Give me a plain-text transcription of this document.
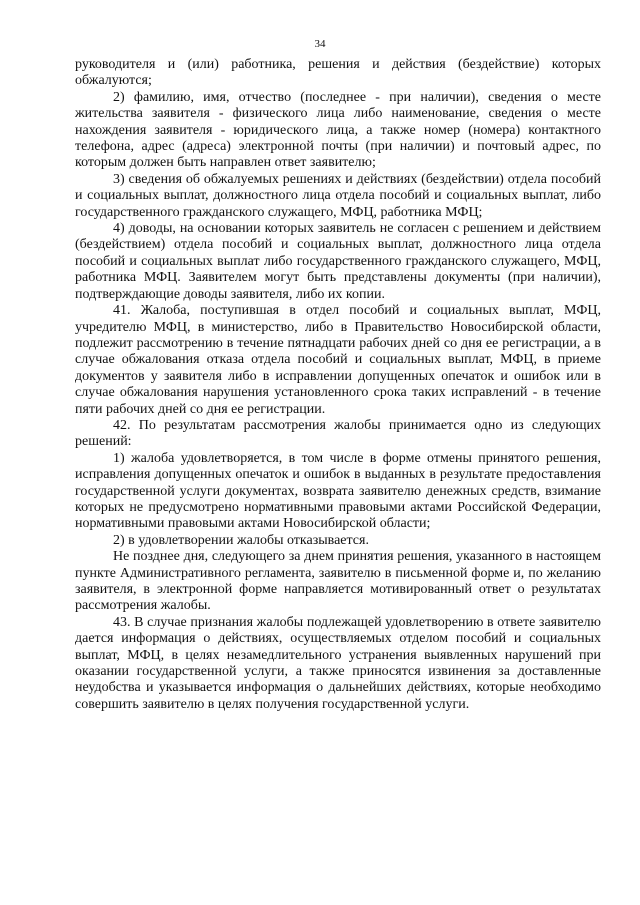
34

руководителя и (или) работника, решения и действия (бездействие) которых обжалуются;

2) фамилию, имя, отчество (последнее - при наличии), сведения о месте жительства заявителя - физического лица либо наименование, сведения о месте нахождения заявителя - юридического лица, а также номер (номера) контактного телефона, адрес (адреса) электронной почты (при наличии) и почтовый адрес, по которым должен быть направлен ответ заявителю;

3) сведения об обжалуемых решениях и действиях (бездействии) отдела пособий и социальных выплат, должностного лица отдела пособий и социальных выплат, либо государственного гражданского служащего, МФЦ, работника МФЦ;

4) доводы, на основании которых заявитель не согласен с решением и действием (бездействием) отдела пособий и социальных выплат, должностного лица отдела пособий и социальных выплат либо государственного гражданского служащего, МФЦ, работника МФЦ. Заявителем могут быть представлены документы (при наличии), подтверждающие доводы заявителя, либо их копии.

41. Жалоба, поступившая в отдел пособий и социальных выплат, МФЦ, учредителю МФЦ, в министерство, либо в Правительство Новосибирской области, подлежит рассмотрению в течение пятнадцати рабочих дней со дня ее регистрации, а в случае обжалования отказа отдела пособий и социальных выплат, МФЦ, в приеме документов у заявителя либо в исправлении допущенных опечаток и ошибок или в случае обжалования нарушения установленного срока таких исправлений - в течение пяти рабочих дней со дня ее регистрации.

42. По результатам рассмотрения жалобы принимается одно из следующих решений:

1) жалоба удовлетворяется, в том числе в форме отмены принятого решения, исправления допущенных опечаток и ошибок в выданных в результате предоставления государственной услуги документах, возврата заявителю денежных средств, взимание которых не предусмотрено нормативными правовыми актами Российской Федерации, нормативными правовыми актами Новосибирской области;

2) в удовлетворении жалобы отказывается.

Не позднее дня, следующего за днем принятия решения, указанного в настоящем пункте Административного регламента, заявителю в письменной форме и, по желанию заявителя, в электронной форме направляется мотивированный ответ о результатах рассмотрения жалобы.

43. В случае признания жалобы подлежащей удовлетворению в ответе заявителю дается информация о действиях, осуществляемых отделом пособий и социальных выплат, МФЦ, в целях незамедлительного устранения выявленных нарушений при оказании государственной услуги, а также приносятся извинения за доставленные неудобства и указывается информация о дальнейших действиях, которые необходимо совершить заявителю в целях получения государственной услуги.
